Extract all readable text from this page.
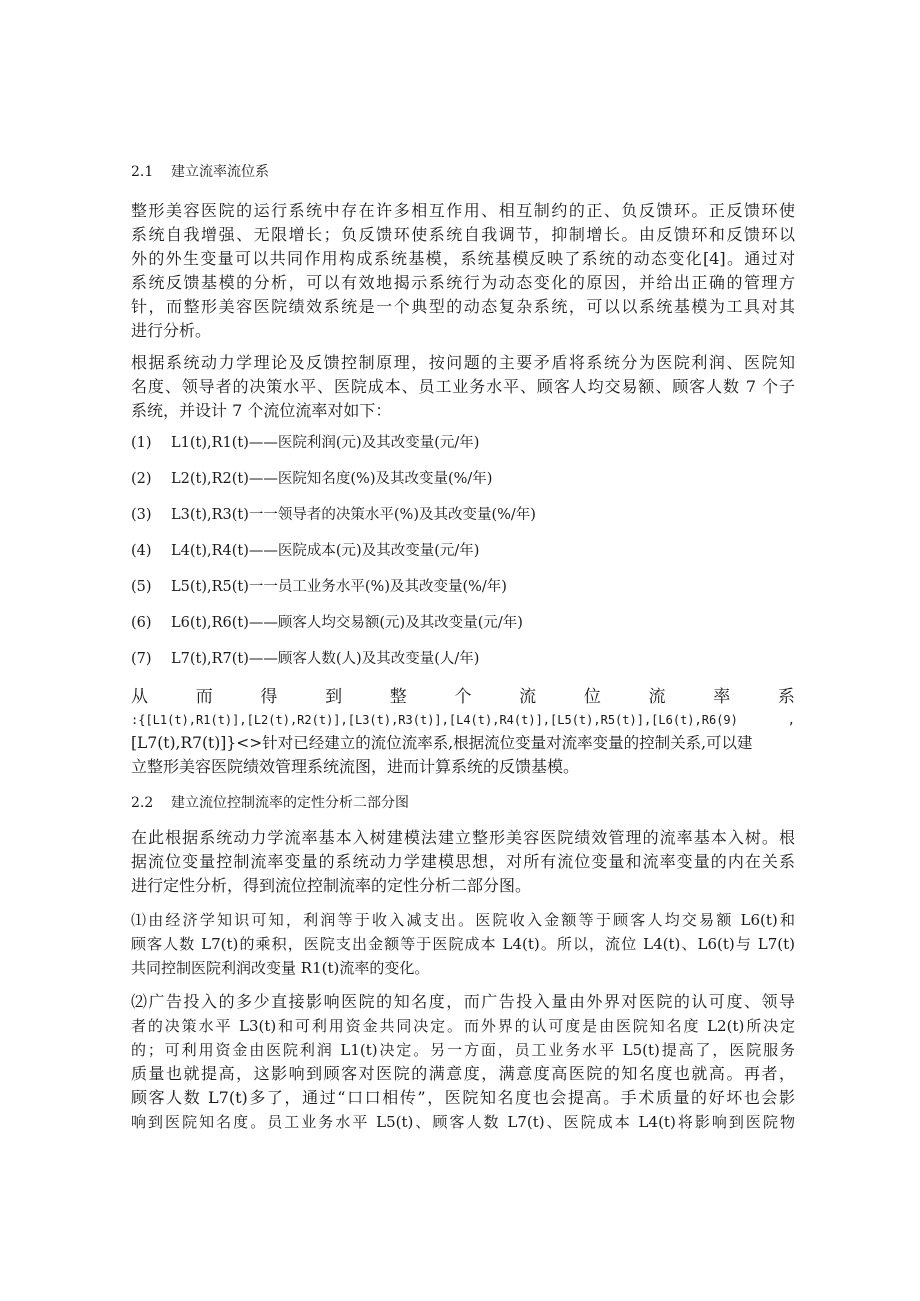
2.1 建立流率流位系
整形美容医院的运行系统中存在许多相互作用、相互制约的正、负反馈环。正反馈环使
系统自我增强、无限增长；负反馈环使系统自我调节，抑制增长。由反馈环和反馈环以
外的外生变量可以共同作用构成系统基模，系统基模反映了系统的动态变化[4]。通过对
系统反馈基模的分析，可以有效地揭示系统行为动态变化的原因，并给出正确的管理方
针，而整形美容医院绩效系统是一个典型的动态复杂系统，可以以系统基模为工具对其
进行分析。
根据系统动力学理论及反馈控制原理，按问题的主要矛盾将系统分为医院利润、医院知
名度、领导者的决策水平、医院成本、员工业务水平、顾客人均交易额、顾客人数 7 个子
系统，并设计 7 个流位流率对如下：
(1) L1(t),R1(t)——医院利润(元)及其改变量(元/年)
(2) L2(t),R2(t)——医院知名度(%)及其改变量(%/年)
(3) L3(t),R3(t)一一领导者的决策水平(%)及其改变量(%/年)
(4) L4(t),R4(t)——医院成本(元)及其改变量(元/年)
(5) L5(t),R5(t)一一员工业务水平(%)及其改变量(%/年)
(6) L6(t),R6(t)——顾客人均交易额(元)及其改变量(元/年)
(7) L7(t),R7(t)——顾客人数(人)及其改变量(人/年)
从	而	得	到	整	个	流	位	流	率	系
:{[L1(t),R1(t)],[L2(t),R2(t)],[L3(t),R3(t)],[L4(t),R4(t)],[L5(t),R5(t)],[L6(t),R6(9)	,
[L7(t),R7(t)]}<>针对已经建立的流位流率系,根据流位变量对流率变量的控制关系,可以建
立整形美容医院绩效管理系统流图，进而计算系统的反馈基模。
2.2 建立流位控制流率的定性分析二部分图
在此根据系统动力学流率基本入树建模法建立整形美容医院绩效管理的流率基本入树。根
据流位变量控制流率变量的系统动力学建模思想，对所有流位变量和流率变量的内在关系
进行定性分析，得到流位控制流率的定性分析二部分图。
⑴由经济学知识可知，利润等于收入减支出。医院收入金额等于顾客人均交易额 L6(t)和
顾客人数 L7(t)的乘积，医院支出金额等于医院成本 L4(t)。所以，流位 L4(t)、L6(t)与 L7(t)
共同控制医院利润改变量 R1(t)流率的变化。
⑵广告投入的多少直接影响医院的知名度，而广告投入量由外界对医院的认可度、领导
者的决策水平 L3(t)和可利用资金共同决定。而外界的认可度是由医院知名度 L2(t)所决定
的；可利用资金由医院利润 L1(t)决定。另一方面，员工业务水平 L5(t)提高了，医院服务
质量也就提高，这影响到顾客对医院的满意度，满意度高医院的知名度也就高。再者，
顾客人数 L7(t)多了，通过“口口相传”，医院知名度也会提高。手术质量的好坏也会影
响到医院知名度。员工业务水平 L5(t)、顾客人数 L7(t)、医院成本 L4(t)将影响到医院物
